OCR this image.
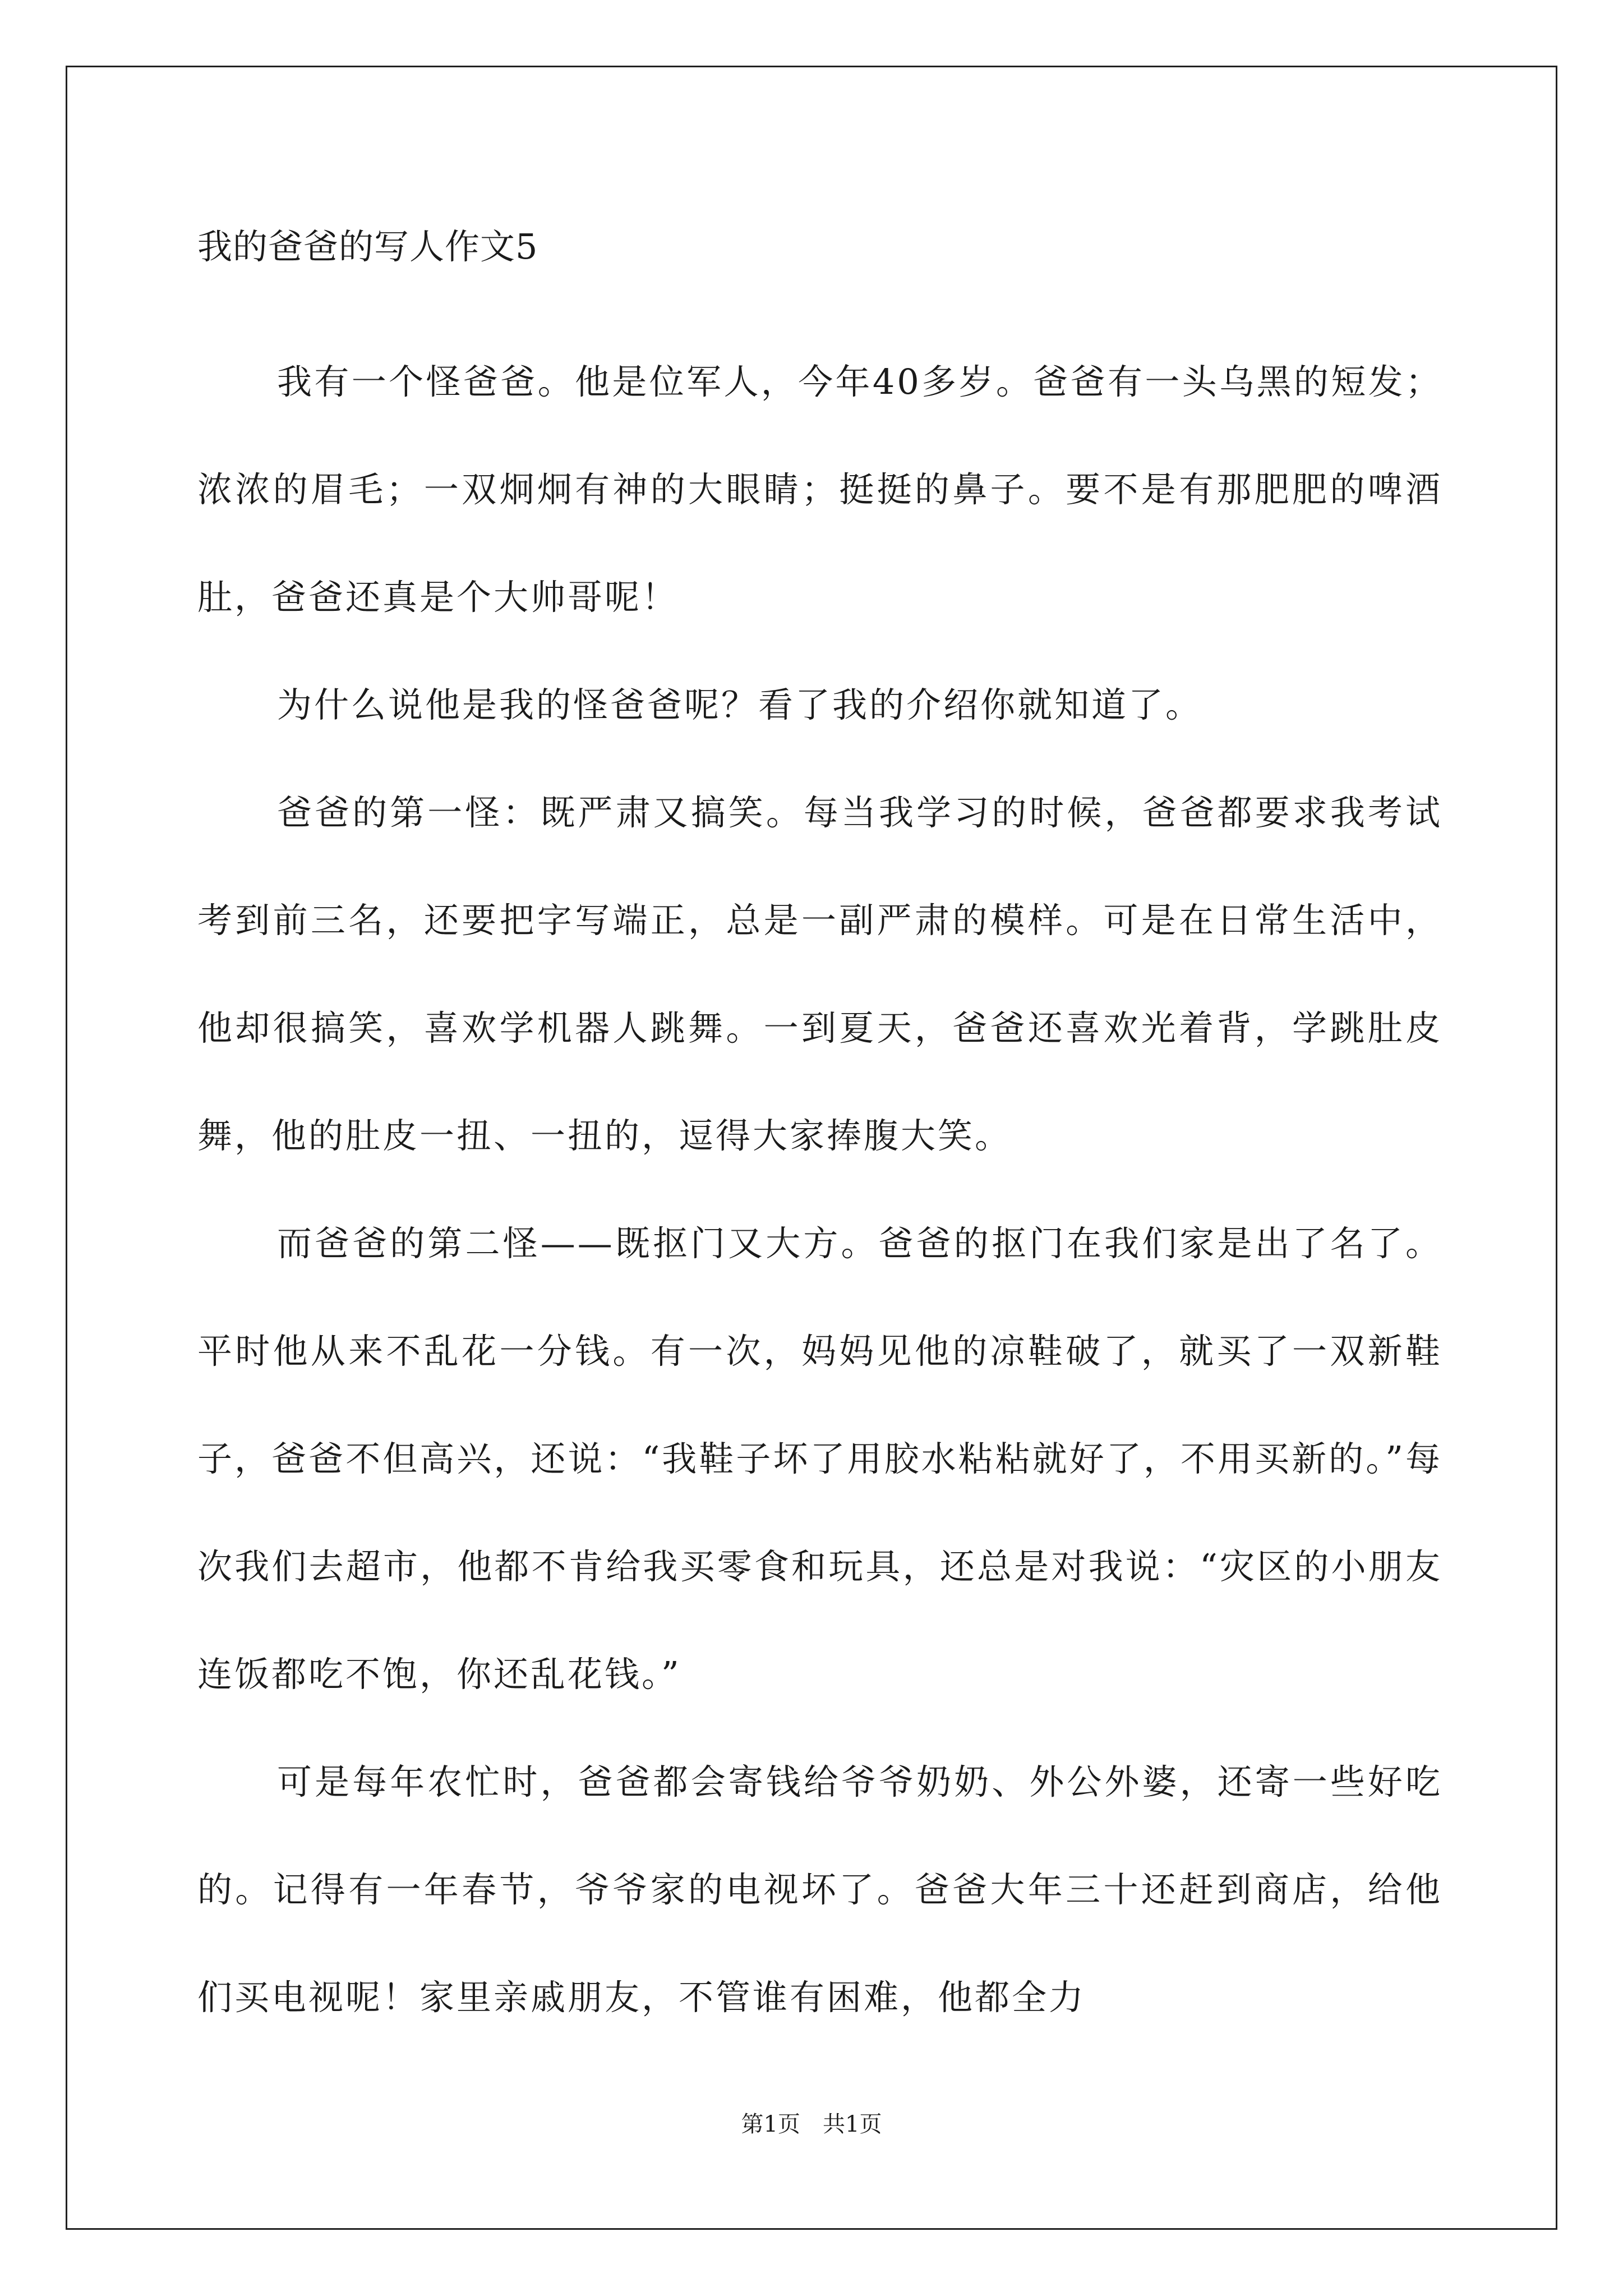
我的爸爸的写人作文5

我有一个怪爸爸。他是位军人，今年40多岁。爸爸有一头乌黑的短发；浓浓的眉毛；一双炯炯有神的大眼睛；挺挺的鼻子。要不是有那肥肥的啤酒肚，爸爸还真是个大帅哥呢！

为什么说他是我的怪爸爸呢？看了我的介绍你就知道了。

爸爸的第一怪：既严肃又搞笑。每当我学习的时候，爸爸都要求我考试考到前三名，还要把字写端正，总是一副严肃的模样。可是在日常生活中，他却很搞笑，喜欢学机器人跳舞。一到夏天，爸爸还喜欢光着背，学跳肚皮舞，他的肚皮一扭、一扭的，逗得大家捧腹大笑。

而爸爸的第二怪——既抠门又大方。爸爸的抠门在我们家是出了名了。平时他从来不乱花一分钱。有一次，妈妈见他的凉鞋破了，就买了一双新鞋子，爸爸不但高兴，还说：“我鞋子坏了用胶水粘粘就好了，不用买新的。”每次我们去超市，他都不肯给我买零食和玩具，还总是对我说：“灾区的小朋友连饭都吃不饱，你还乱花钱。”

可是每年农忙时，爸爸都会寄钱给爷爷奶奶、外公外婆，还寄一些好吃的。记得有一年春节，爷爷家的电视坏了。爸爸大年三十还赶到商店，给他们买电视呢！家里亲戚朋友，不管谁有困难，他都全力

第1页　共1页
